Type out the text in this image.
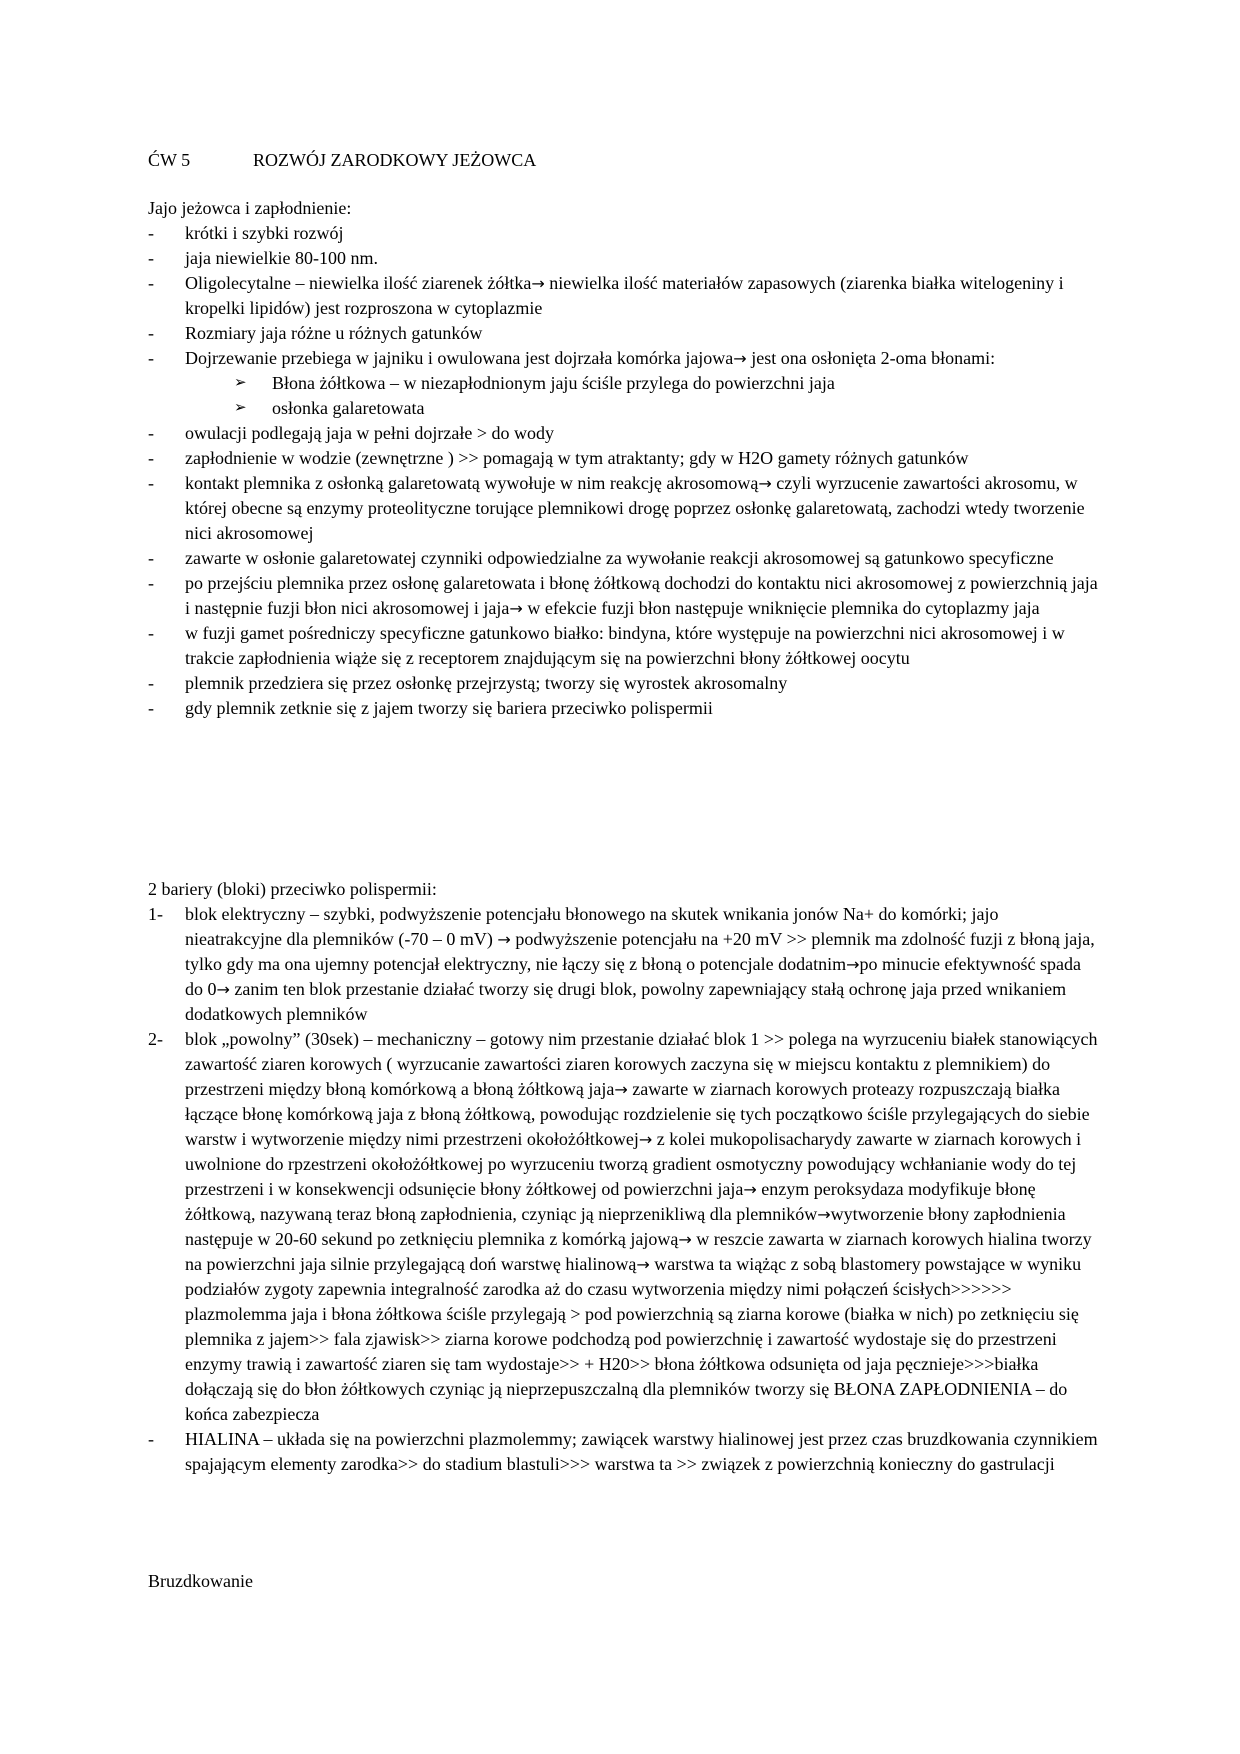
ĆW 5	ROZWÓJ ZARODKOWY JEŻOWCA

Jajo jeżowca i zapłodnienie:

- krótki i szybki rozwój

- jaja niewielkie 80-100 nm.

- Oligolecytalne – niewielka ilość ziarenek żółtka→ niewielka ilość materiałów zapasowych (ziarenka białka witelogeniny i kropelki lipidów) jest rozproszona w cytoplazmie

- Rozmiary jaja różne u różnych gatunków

- Dojrzewanie przebiega w jajniku i owulowana jest dojrzała komórka jajowa→ jest ona osłonięta 2-oma błonami:

➢ Błona żółtkowa – w niezapłodnionym jaju ściśle przylega do powierzchni jaja

➢ osłonka galaretowata

- owulacji podlegają jaja w pełni dojrzałe > do wody

- zapłodnienie w wodzie (zewnętrzne ) >> pomagają w tym atraktanty; gdy w H2O gamety różnych gatunków

- kontakt plemnika z osłonką galaretowatą wywołuje w nim reakcję akrosomową→ czyli wyrzucenie zawartości akrosomu, w której obecne są enzymy proteolityczne torujące plemnikowi drogę poprzez osłonkę galaretowatą, zachodzi wtedy tworzenie nici akrosomowej

- zawarte w osłonie galaretowatej czynniki odpowiedzialne za wywołanie reakcji akrosomowej są gatunkowo specyficzne

- po przejściu plemnika przez osłonę galaretowata i błonę żółtkową dochodzi do kontaktu nici akrosomowej z powierzchnią jaja i następnie fuzji błon nici akrosomowej i jaja→ w efekcie fuzji błon następuje wniknięcie plemnika do cytoplazmy jaja

- w fuzji gamet pośredniczy specyficzne gatunkowo białko: bindyna, które występuje na powierzchni nici akrosomowej i w trakcie zapłodnienia wiąże się z receptorem znajdującym się na powierzchni błony żółtkowej oocytu

- plemnik przedziera się przez osłonkę przejrzystą; tworzy się wyrostek akrosomalny

- gdy plemnik zetknie się z jajem tworzy się bariera przeciwko polispermii

2 bariery (bloki) przeciwko polispermii:

1- blok elektryczny – szybki, podwyższenie potencjału błonowego na skutek wnikania jonów Na+ do komórki; jajo nieatrakcyjne dla plemników (-70 – 0 mV) → podwyższenie potencjału na +20 mV >> plemnik ma zdolność fuzji z błoną jaja, tylko gdy ma ona ujemny potencjał elektryczny, nie łączy się z błoną o potencjale dodatnim→po minucie efektywność spada do 0→ zanim ten blok przestanie działać tworzy się drugi blok, powolny zapewniający stałą ochronę jaja przed wnikaniem dodatkowych plemników

2- blok „powolny” (30sek) – mechaniczny – gotowy nim przestanie działać blok 1 >> polega na wyrzuceniu białek stanowiących zawartość ziaren korowych ( wyrzucanie zawartości ziaren korowych zaczyna się w miejscu kontaktu z plemnikiem) do przestrzeni między błoną komórkową a błoną żółtkową jaja→ zawarte w ziarnach korowych proteazy rozpuszczają białka łączące błonę komórkową jaja z błoną żółtkową, powodując rozdzielenie się tych początkowo ściśle przylegających do siebie warstw i wytworzenie między nimi przestrzeni okołożółtkowej→ z kolei mukopolisacharydy zawarte w ziarnach korowych i uwolnione do rpzestrzeni okołożółtkowej po wyrzuceniu tworzą gradient osmotyczny powodujący wchłanianie wody do tej przestrzeni i w konsekwencji odsunięcie błony żółtkowej od powierzchni jaja→ enzym peroksydaza modyfikuje błonę żółtkową, nazywaną teraz błoną zapłodnienia, czyniąc ją nieprzenikliwą dla plemników→wytworzenie błony zapłodnienia następuje w 20-60 sekund po zetknięciu plemnika z komórką jajową→ w reszcie zawarta w ziarnach korowych hialina tworzy na powierzchni jaja silnie przylegającą doń warstwę hialinową→ warstwa ta wiążąc z sobą blastomery powstające w wyniku podziałów zygoty zapewnia integralność zarodka aż do czasu wytworzenia między nimi połączeń ścisłych>>>>>> plazmolemma jaja i błona żółtkowa ściśle przylegają > pod powierzchnią są ziarna korowe (białka w nich) po zetknięciu się plemnika z jajem>> fala zjawisk>> ziarna korowe podchodzą pod powierzchnię i zawartość wydostaje się do przestrzeni enzymy trawią i zawartość ziaren się tam wydostaje>> + H20>> błona żółtkowa odsunięta od jaja pęcznieje>>>białka dołączają się do błon żółtkowych czyniąc ją nieprzepuszczalną dla plemników tworzy się BŁONA ZAPŁODNIENIA – do końca zabezpiecza

- HIALINA – układa się na powierzchni plazmolemmy; zawiącek warstwy hialinowej jest przez czas bruzdkowania czynnikiem spajającym elementy zarodka>> do stadium blastuli>>> warstwa ta >> związek z powierzchnią konieczny do gastrulacji

Bruzdkowanie
